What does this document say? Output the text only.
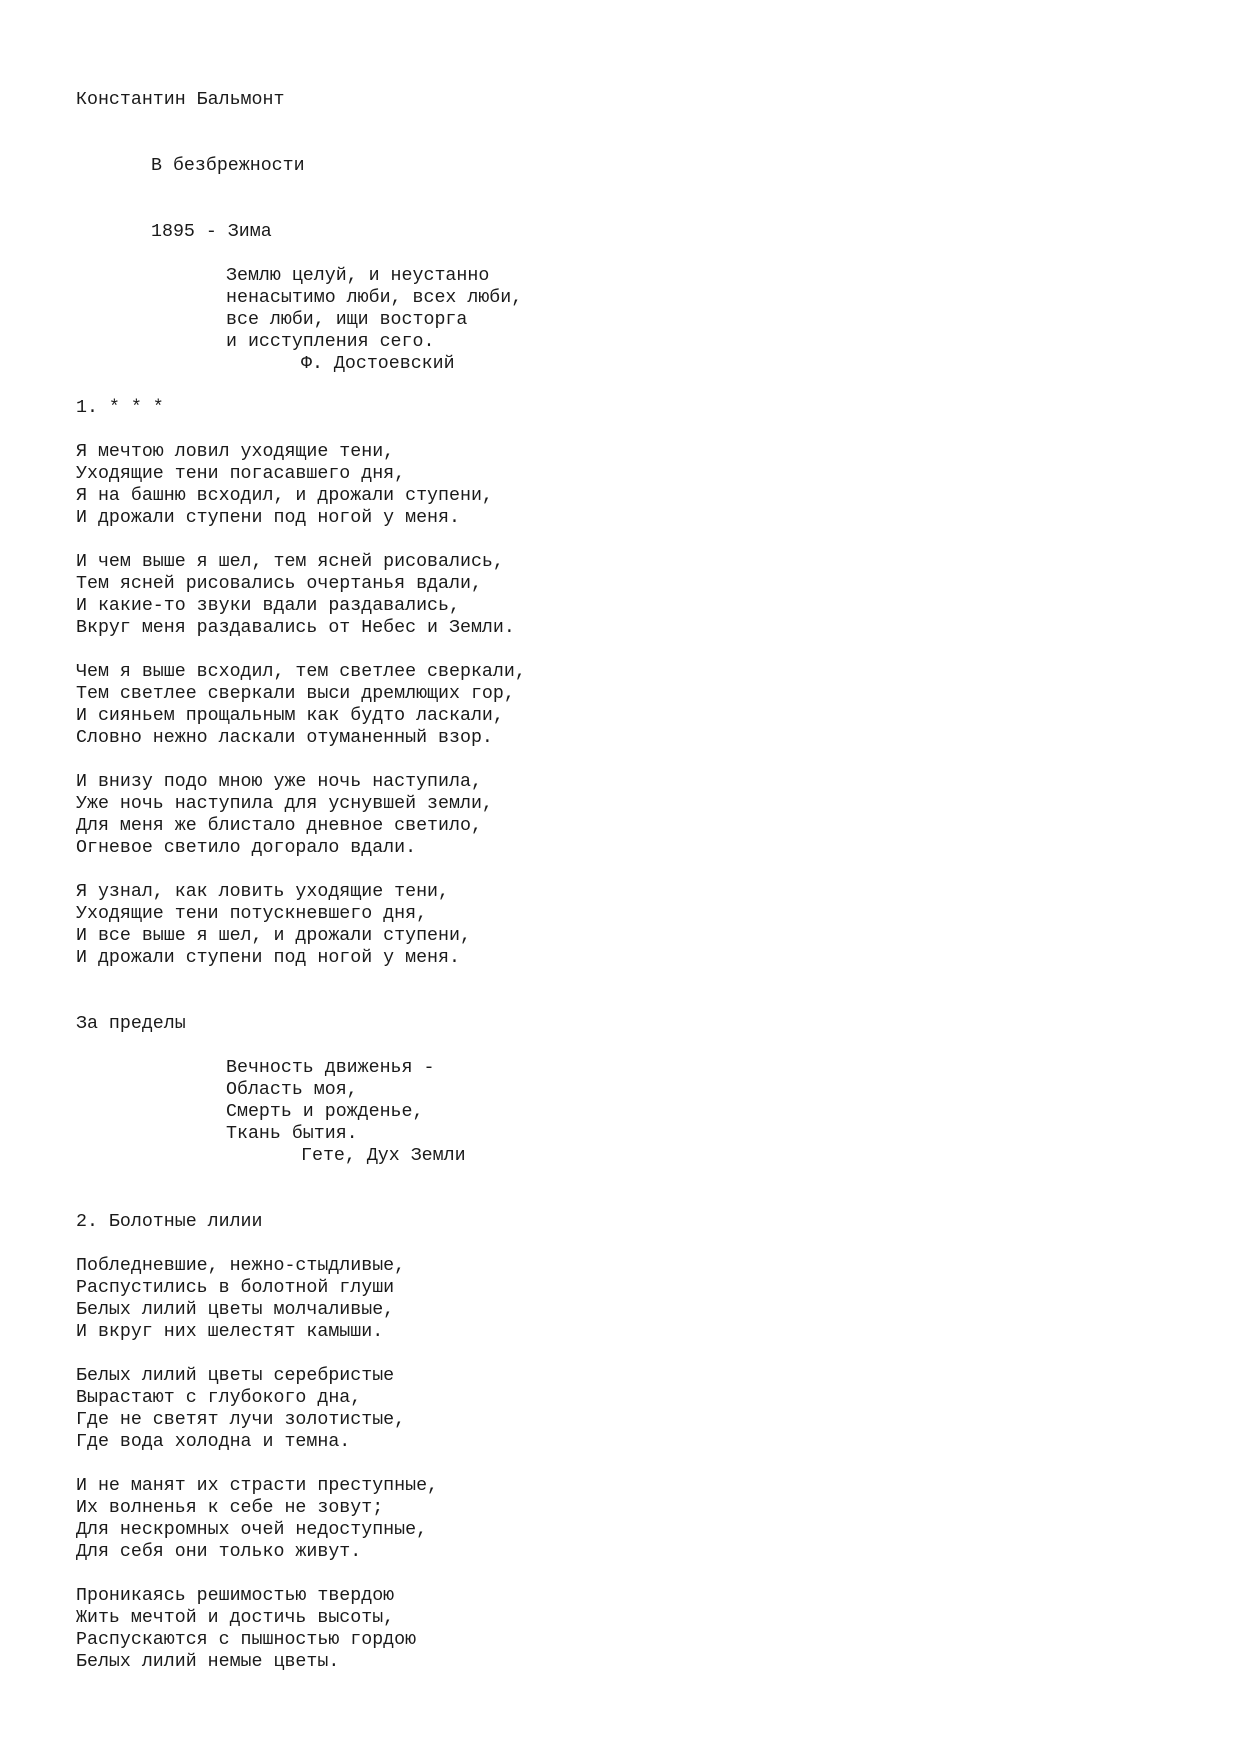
Константин Бальмонт
В безбрежности
1895 - Зима
Землю целуй, и неустанно
ненасытимо люби, всех люби,
все люби, ищи восторга
и исступления сего.
Ф. Достоевский
1. * * *
Я мечтою ловил уходящие тени,
Уходящие тени погасавшего дня,
Я на башню всходил, и дрожали ступени,
И дрожали ступени под ногой у меня.
И чем выше я шел, тем ясней рисовались,
Тем ясней рисовались очертанья вдали,
И какие-то звуки вдали раздавались,
Вкруг меня раздавались от Небес и Земли.
Чем я выше всходил, тем светлее сверкали,
Тем светлее сверкали выси дремлющих гор,
И сияньем прощальным как будто ласкали,
Словно нежно ласкали отуманенный взор.
И внизу подо мною уже ночь наступила,
Уже ночь наступила для уснувшей земли,
Для меня же блистало дневное светило,
Огневое светило догорало вдали.
Я узнал, как ловить уходящие тени,
Уходящие тени потускневшего дня,
И все выше я шел, и дрожали ступени,
И дрожали ступени под ногой у меня.
За пределы
Вечность движенья -
Область моя,
Смерть и рожденье,
Ткань бытия.
Гете, Дух Земли
2. Болотные лилии
Побледневшие, нежно-стыдливые,
Распустились в болотной глуши
Белых лилий цветы молчаливые,
И вкруг них шелестят камыши.
Белых лилий цветы серебристые
Вырастают с глубокого дна,
Где не светят лучи золотистые,
Где вода холодна и темна.
И не манят их страсти преступные,
Их волненья к себе не зовут;
Для нескромных очей недоступные,
Для себя они только живут.
Проникаясь решимостью твердою
Жить мечтой и достичь высоты,
Распускаются с пышностью гордою
Белых лилий немые цветы.
